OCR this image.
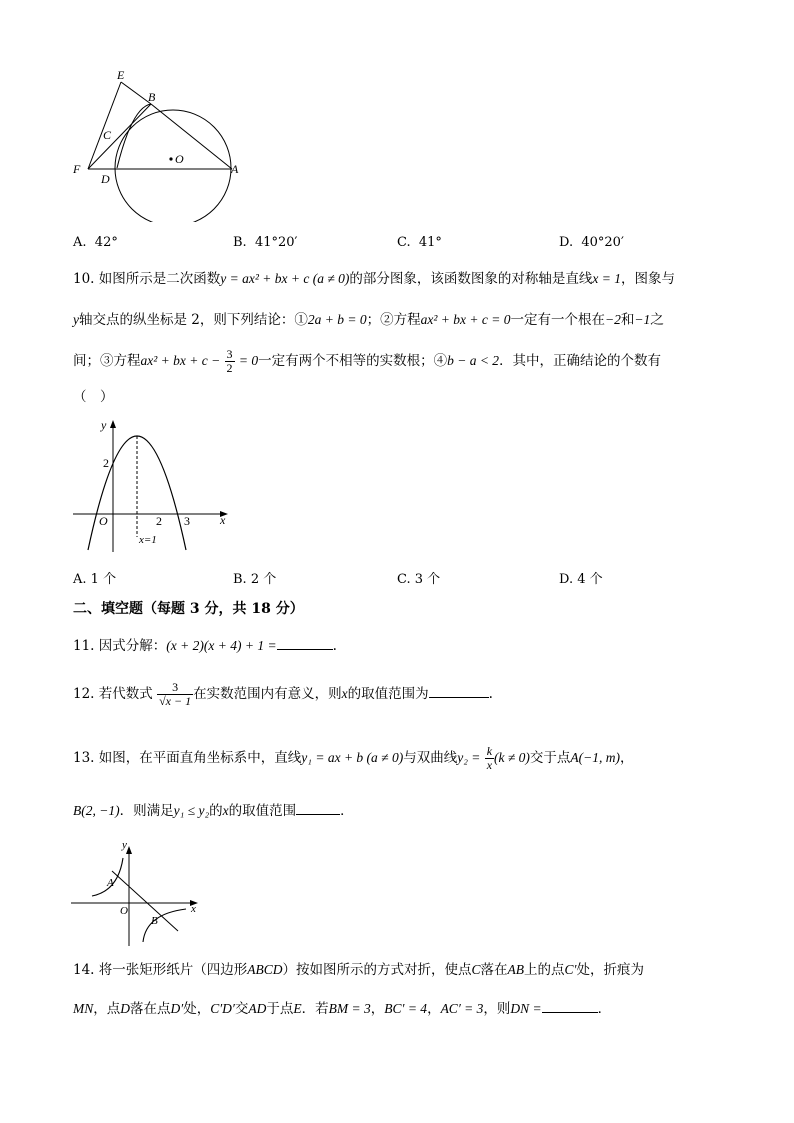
E
B
C
O
A
F
D
A. 42°	B. 41°20′	C. 41°	D. 40°20′
10. 如图所示是二次函数y = ax² + bx + c (a ≠ 0)的部分图象，该函数图象的对称轴是直线x = 1，图象与
y轴交点的纵坐标是 2，则下列结论：①2a + b = 0；②方程ax² + bx + c = 0一定有一个根在−2和−1之
间；③方程ax² + bx + $c - \frac{3}{2} = 0$一定有两个不相等的实数根；④b − a < 2．其中，正确结论的个数有
（　）
y
x
O
2
2 3
x=1
A. 1 个	B. 2 个	C. 3 个	D. 4 个
二、填空题（每题 3 分，共 18 分）
11. 因式分解：(x + 2)(x + 4) + 1 =	.
12. 若代数式 $\frac{3}{√x - 1}$ 在实数范围内有意义，则x的取值范围为	.
13. 如图，在平面直角坐标系中，直线y₁ = ax + b (a ≠ 0)与双曲线$y_2 = \frac{k}{x} (k \ne 0)$交于点A(−1, m)，
B(2, −1)．则满足y₁ ≤ y₂的x的取值范围	．
y
x
O
A
B
14. 将一张矩形纸片（四边形ABCD）按如图所示的方式对折，使点C落在AB上的点C′处，折痕为
MN，点D落在点D′处，C′D′交AD于点E．若BM = 3，BC′ = 4，AC′ = 3，则DN =	．
